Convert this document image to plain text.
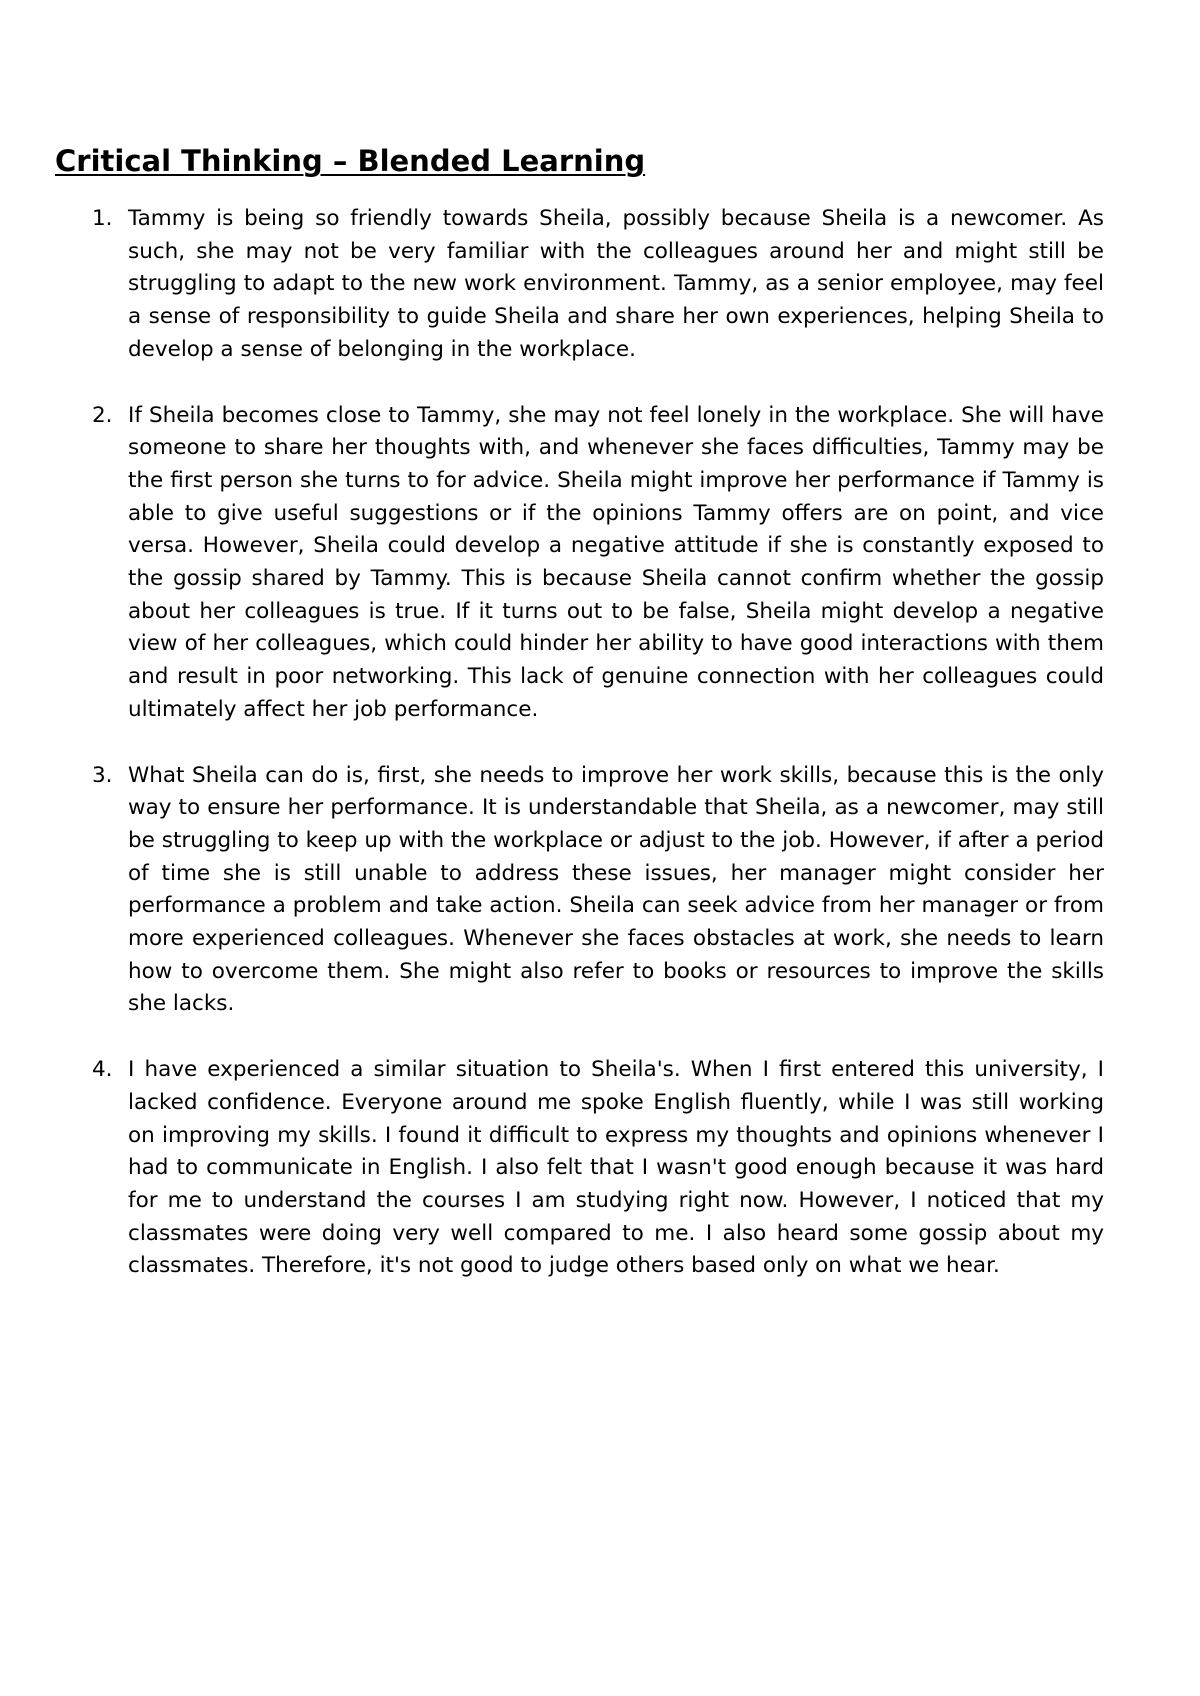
Critical Thinking – Blended Learning
1. Tammy is being so friendly towards Sheila, possibly because Sheila is a newcomer. As such, she may not be very familiar with the colleagues around her and might still be struggling to adapt to the new work environment. Tammy, as a senior employee, may feel a sense of responsibility to guide Sheila and share her own experiences, helping Sheila to develop a sense of belonging in the workplace.

2. If Sheila becomes close to Tammy, she may not feel lonely in the workplace. She will have someone to share her thoughts with, and whenever she faces difficulties, Tammy may be the first person she turns to for advice. Sheila might improve her performance if Tammy is able to give useful suggestions or if the opinions Tammy offers are on point, and vice versa. However, Sheila could develop a negative attitude if she is constantly exposed to the gossip shared by Tammy. This is because Sheila cannot confirm whether the gossip about her colleagues is true. If it turns out to be false, Sheila might develop a negative view of her colleagues, which could hinder her ability to have good interactions with them and result in poor networking. This lack of genuine connection with her colleagues could ultimately affect her job performance.

3. What Sheila can do is, first, she needs to improve her work skills, because this is the only way to ensure her performance. It is understandable that Sheila, as a newcomer, may still be struggling to keep up with the workplace or adjust to the job. However, if after a period of time she is still unable to address these issues, her manager might consider her performance a problem and take action. Sheila can seek advice from her manager or from more experienced colleagues. Whenever she faces obstacles at work, she needs to learn how to overcome them. She might also refer to books or resources to improve the skills she lacks.

4. I have experienced a similar situation to Sheila's. When I first entered this university, I lacked confidence. Everyone around me spoke English fluently, while I was still working on improving my skills. I found it difficult to express my thoughts and opinions whenever I had to communicate in English. I also felt that I wasn't good enough because it was hard for me to understand the courses I am studying right now. However, I noticed that my classmates were doing very well compared to me. I also heard some gossip about my classmates. Therefore, it's not good to judge others based only on what we hear.
